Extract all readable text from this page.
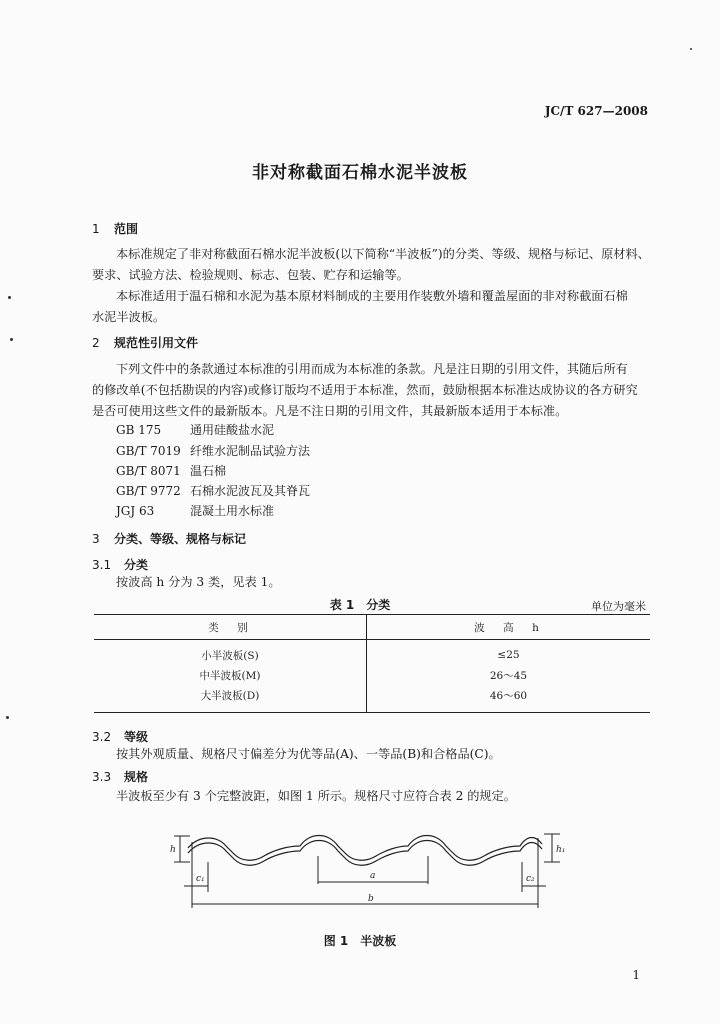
JC/T 627—2008
非对称截面石棉水泥半波板
1 范围
本标准规定了非对称截面石棉水泥半波板(以下简称“半波板”)的分类、等级、规格与标记、原材料、
要求、试验方法、检验规则、标志、包装、贮存和运输等。
本标准适用于温石棉和水泥为基本原材料制成的主要用作装敷外墙和覆盖屋面的非对称截面石棉
水泥半波板。
2 规范性引用文件
下列文件中的条款通过本标准的引用而成为本标准的条款。凡是注日期的引用文件，其随后所有
的修改单(不包括勘误的内容)或修订版均不适用于本标准，然而，鼓励根据本标准达成协议的各方研究
是否可使用这些文件的最新版本。凡是不注日期的引用文件，其最新版本适用于本标准。
GB 175 通用硅酸盐水泥
GB/T 7019 纤维水泥制品试验方法
GB/T 8071 温石棉
GB/T 9772 石棉水泥波瓦及其脊瓦
JGJ 63	混凝土用水标准
3 分类、等级、规格与标记
3.1 分类
按波高 h 分为 3 类，见表 1。
表 1　分类	单位为毫米
类　别	波　高　h
小半波板(S)	≤25
中半波板(M)	26～45
大半波板(D)	46～60
3.2 等级
按其外观质量、规格尺寸偏差分为优等品(A)、一等品(B)和合格品(C)。
3.3 规格
半波板至少有 3 个完整波距，如图 1 所示。规格尺寸应符合表 2 的规定。
a
b
c₁	c₂
h	h₁
图 1　半波板
1
